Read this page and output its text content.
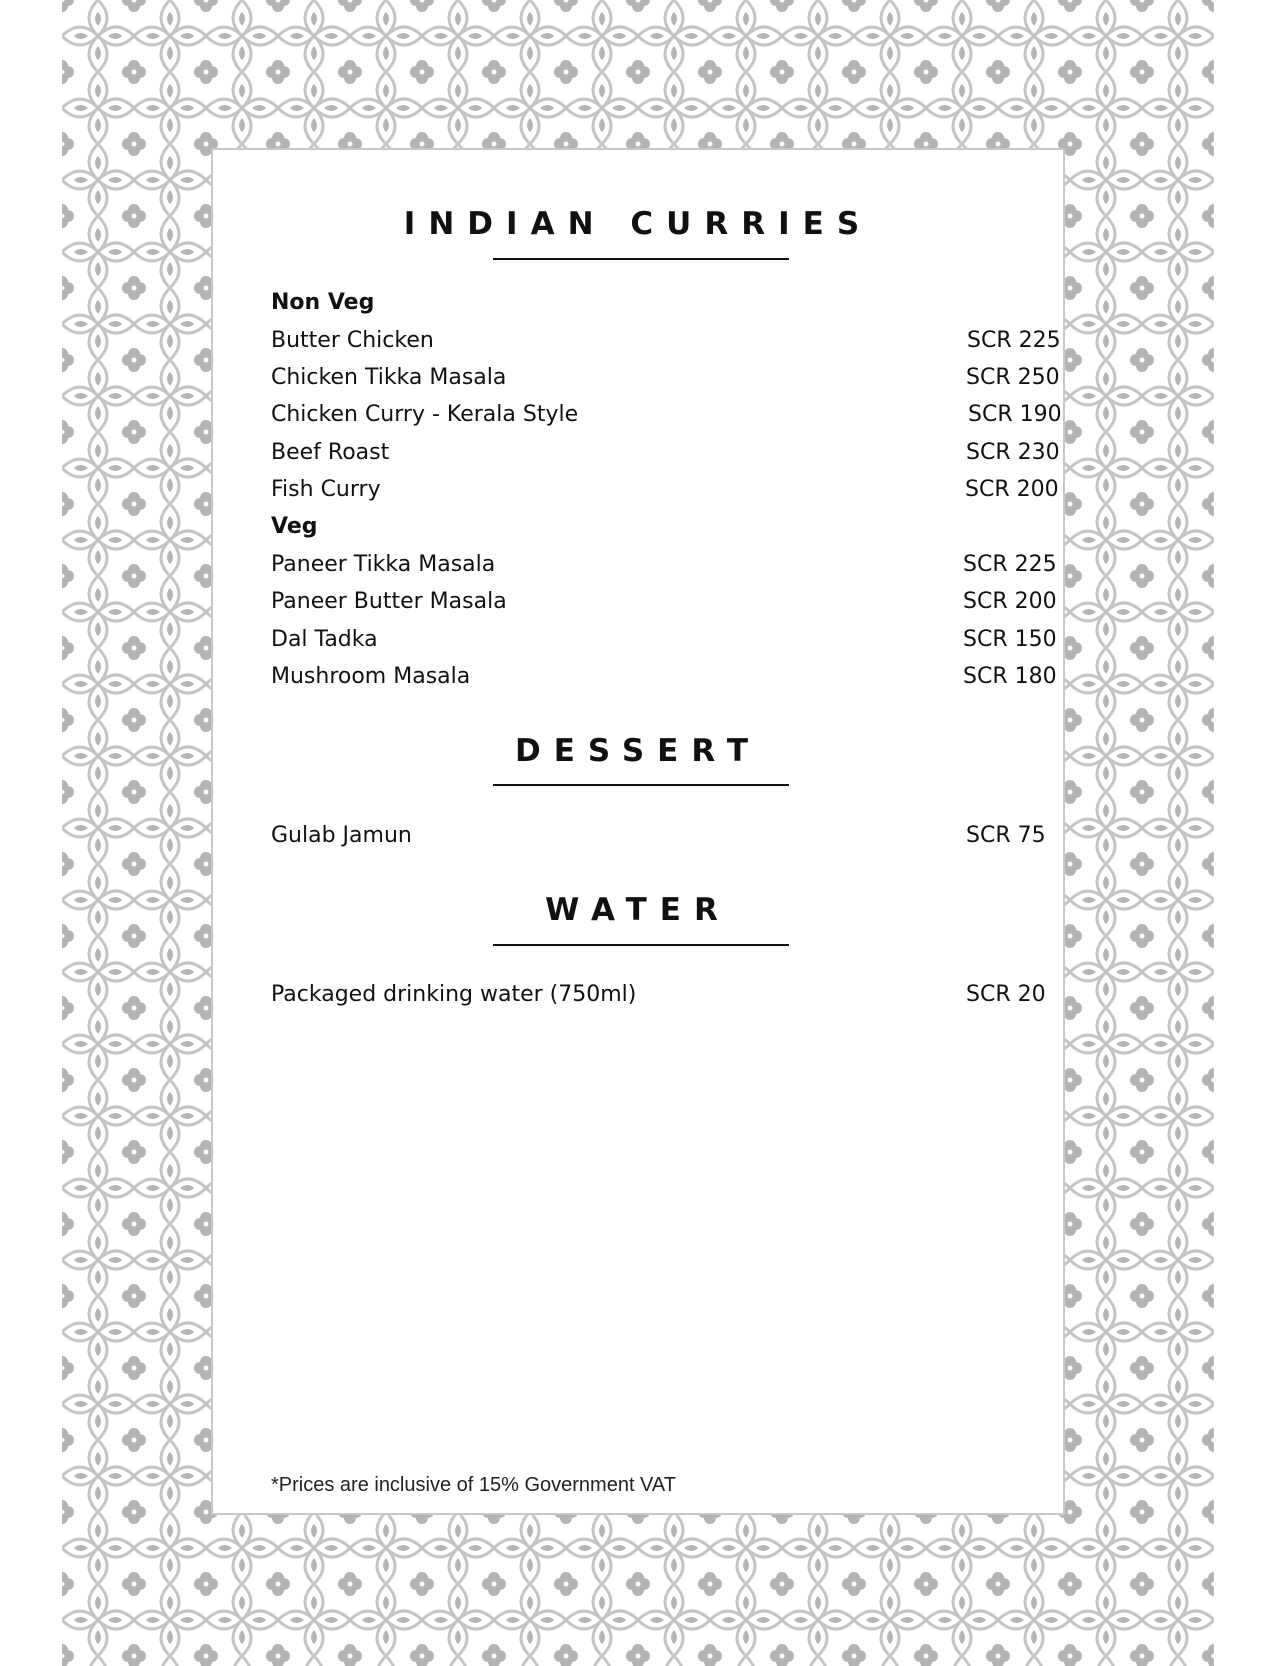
INDIAN CURRIES
Non Veg
Butter Chicken	SCR 225
Chicken Tikka Masala	SCR 250
Chicken Curry - Kerala Style	SCR 190
Beef Roast	SCR 230
Fish Curry	SCR 200
Veg
Paneer Tikka Masala	SCR 225
Paneer Butter Masala	SCR 200
Dal Tadka	SCR 150
Mushroom Masala	SCR 180
DESSERT
Gulab Jamun	SCR 75
WATER
Packaged drinking water (750ml)	SCR 20
*Prices are inclusive of 15% Government VAT
